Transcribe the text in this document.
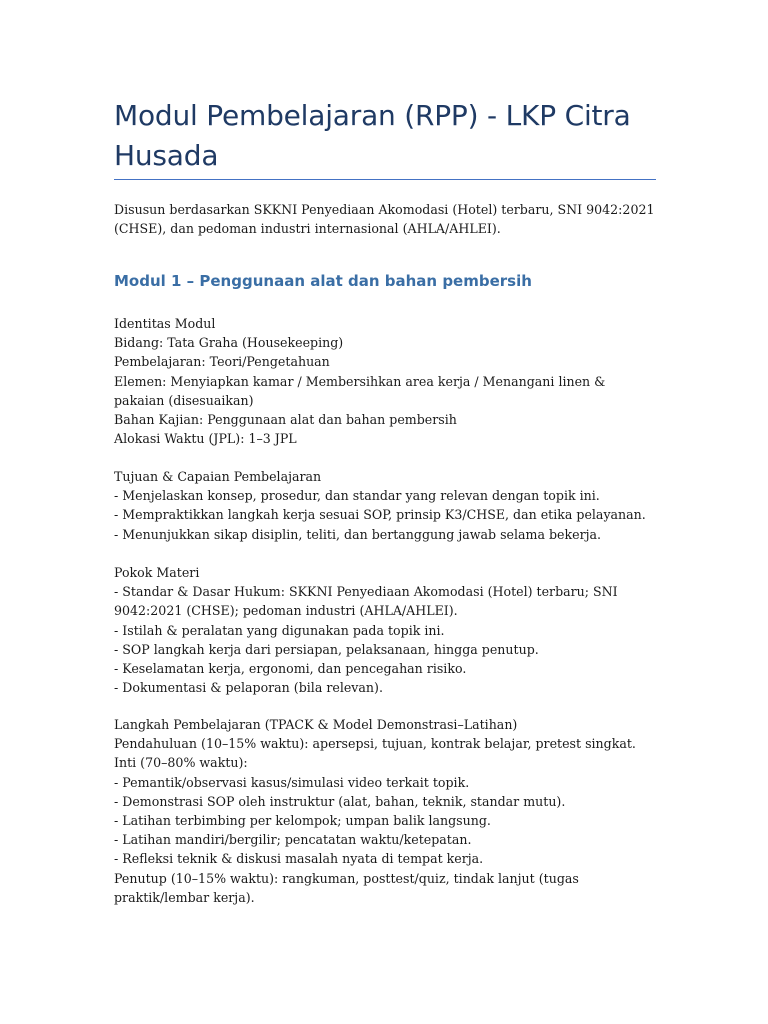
Modul Pembelajaran (RPP) - LKP Citra Husada

Disusun berdasarkan SKKNI Penyediaan Akomodasi (Hotel) terbaru, SNI 9042:2021 (CHSE), dan pedoman industri internasional (AHLA/AHLEI).

Modul 1 – Penggunaan alat dan bahan pembersih
Identitas Modul
Bidang: Tata Graha (Housekeeping)
Pembelajaran: Teori/Pengetahuan
Elemen: Menyiapkan kamar / Membersihkan area kerja / Menangani linen & pakaian (disesuaikan)
Bahan Kajian: Penggunaan alat dan bahan pembersih
Alokasi Waktu (JPL): 1–3 JPL
Tujuan & Capaian Pembelajaran
- Menjelaskan konsep, prosedur, dan standar yang relevan dengan topik ini.
- Mempraktikkan langkah kerja sesuai SOP, prinsip K3/CHSE, dan etika pelayanan.
- Menunjukkan sikap disiplin, teliti, dan bertanggung jawab selama bekerja.
Pokok Materi
- Standar & Dasar Hukum: SKKNI Penyediaan Akomodasi (Hotel) terbaru; SNI 9042:2021 (CHSE); pedoman industri (AHLA/AHLEI).
- Istilah & peralatan yang digunakan pada topik ini.
- SOP langkah kerja dari persiapan, pelaksanaan, hingga penutup.
- Keselamatan kerja, ergonomi, dan pencegahan risiko.
- Dokumentasi & pelaporan (bila relevan).
Langkah Pembelajaran (TPACK & Model Demonstrasi–Latihan)
Pendahuluan (10–15% waktu): apersepsi, tujuan, kontrak belajar, pretest singkat.
Inti (70–80% waktu):
- Pemantik/observasi kasus/simulasi video terkait topik.
- Demonstrasi SOP oleh instruktur (alat, bahan, teknik, standar mutu).
- Latihan terbimbing per kelompok; umpan balik langsung.
- Latihan mandiri/bergilir; pencatatan waktu/ketepatan.
- Refleksi teknik & diskusi masalah nyata di tempat kerja.
Penutup (10–15% waktu): rangkuman, posttest/quiz, tindak lanjut (tugas praktik/lembar kerja).
